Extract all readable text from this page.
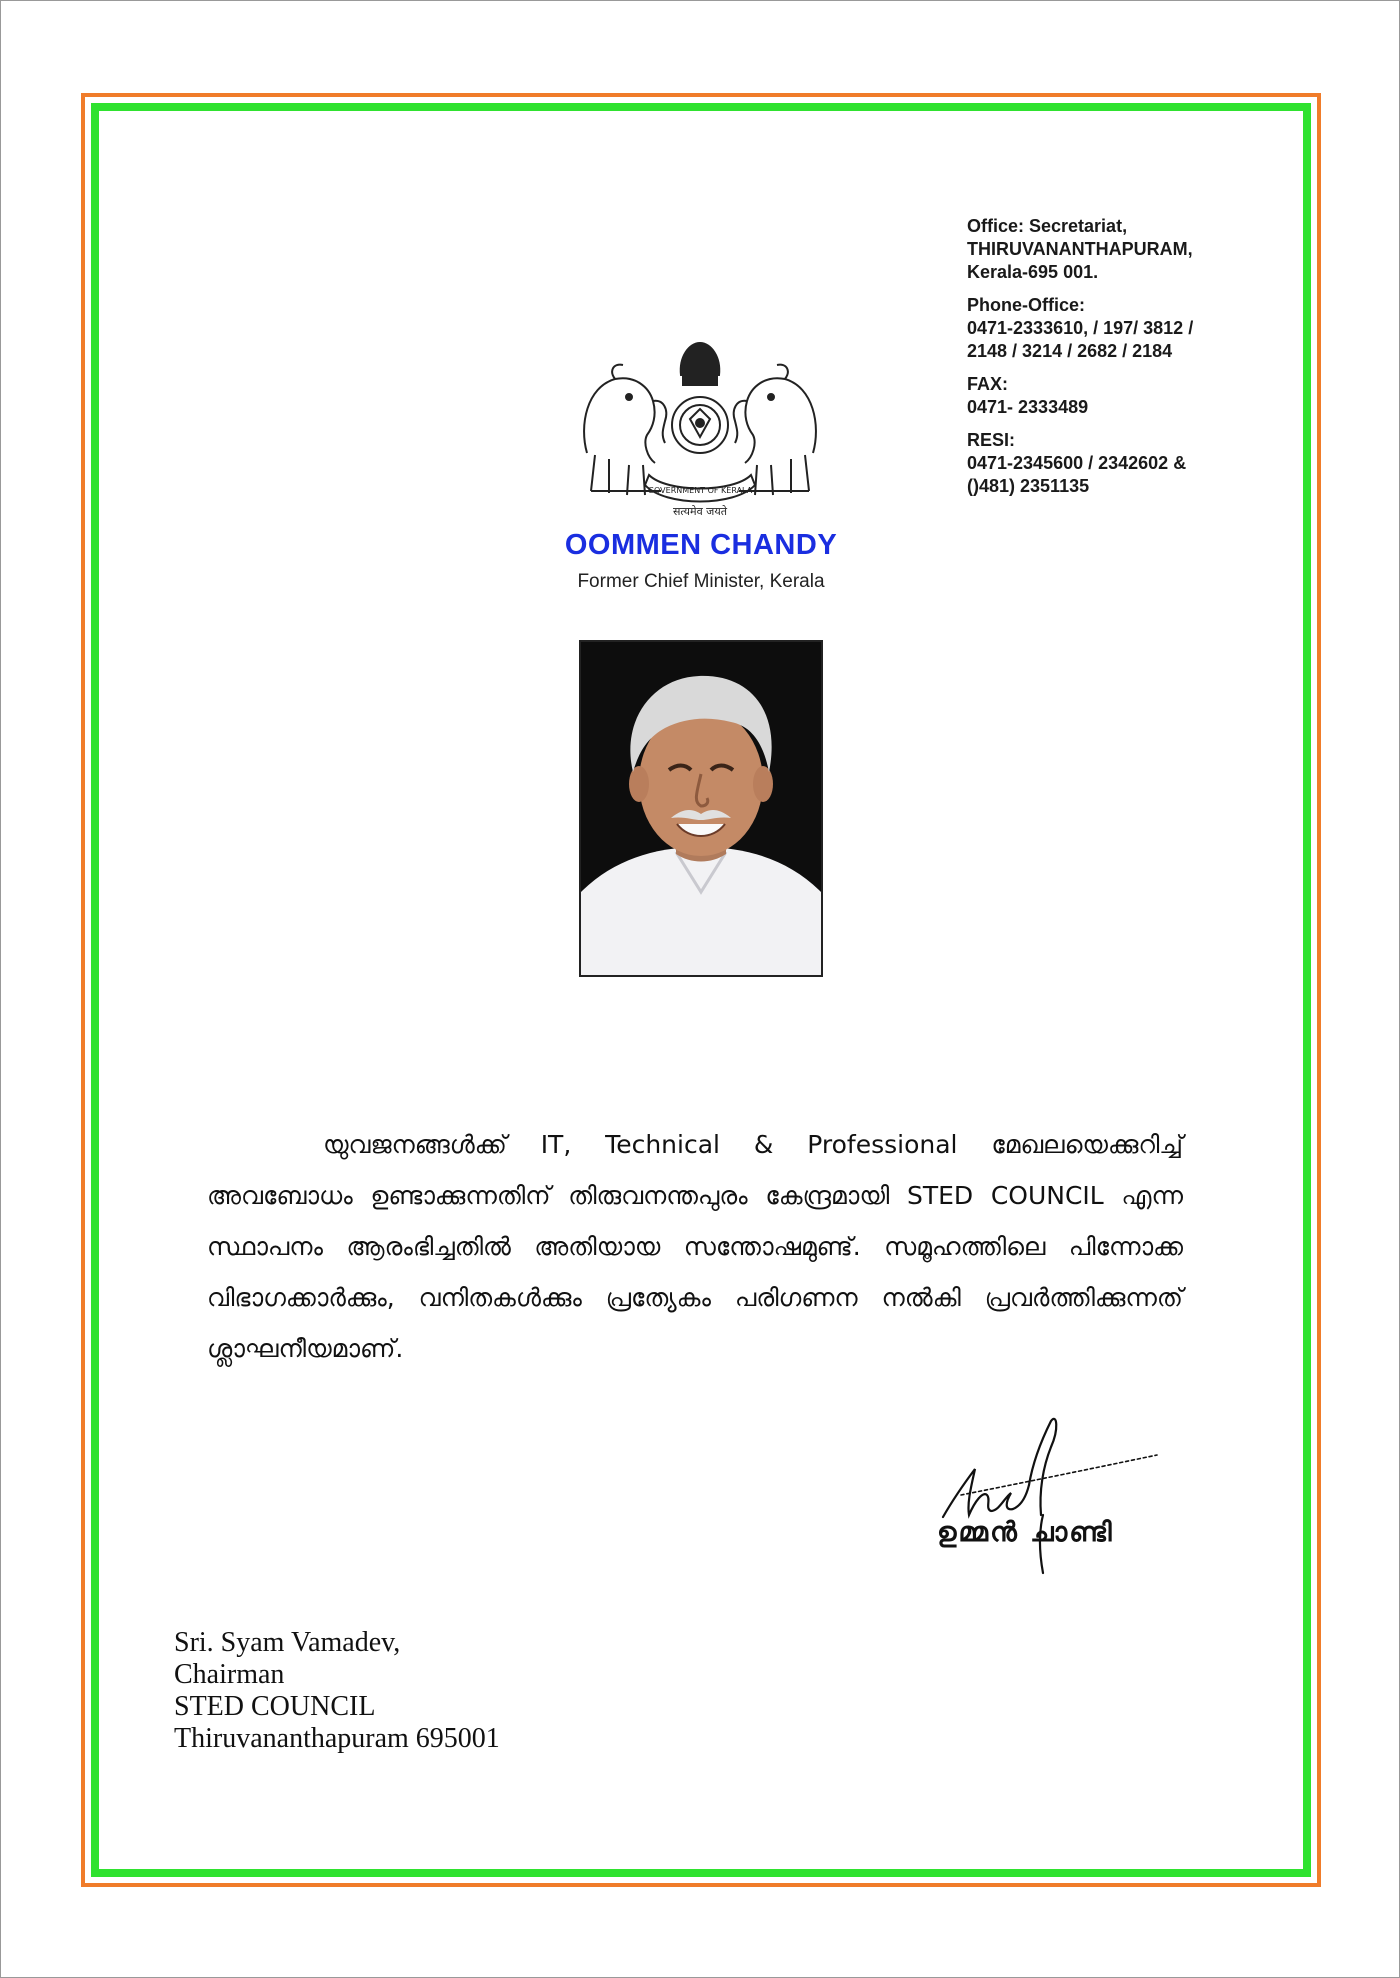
Office: Secretariat,
THIRUVANANTHAPURAM,
Kerala-695 001.
Phone-Office:
0471-2333610, / 197/ 3812 /
2148 / 3214 / 2682 / 2184
FAX:
0471- 2333489
RESI:
0471-2345600 / 2342602 &
()481) 2351135
GOVERNMENT OF KERALA
सत्यमेव जयते
OOMMEN CHANDY
Former Chief Minister, Kerala
യുവജനങ്ങൾക്ക് IT, Technical & Professional മേഖലയെക്കുറിച്ച് അവബോധം ഉണ്ടാക്കുന്നതിന് തിരുവനന്തപുരം കേന്ദ്രമായി STED COUNCIL എന്ന സ്ഥാപനം ആരംഭിച്ചതിൽ അതിയായ സന്തോഷമുണ്ട്. സമൂഹത്തിലെ പിന്നോക്ക വിഭാഗക്കാർക്കും, വനിതകൾക്കും പ്രത്യേകം പരിഗണന നൽകി പ്രവർത്തിക്കുന്നത് ശ്ലാഘനീയമാണ്.
ഉമ്മൻ ചാണ്ടി
Sri. Syam Vamadev,
Chairman
STED COUNCIL
Thiruvananthapuram 695001
